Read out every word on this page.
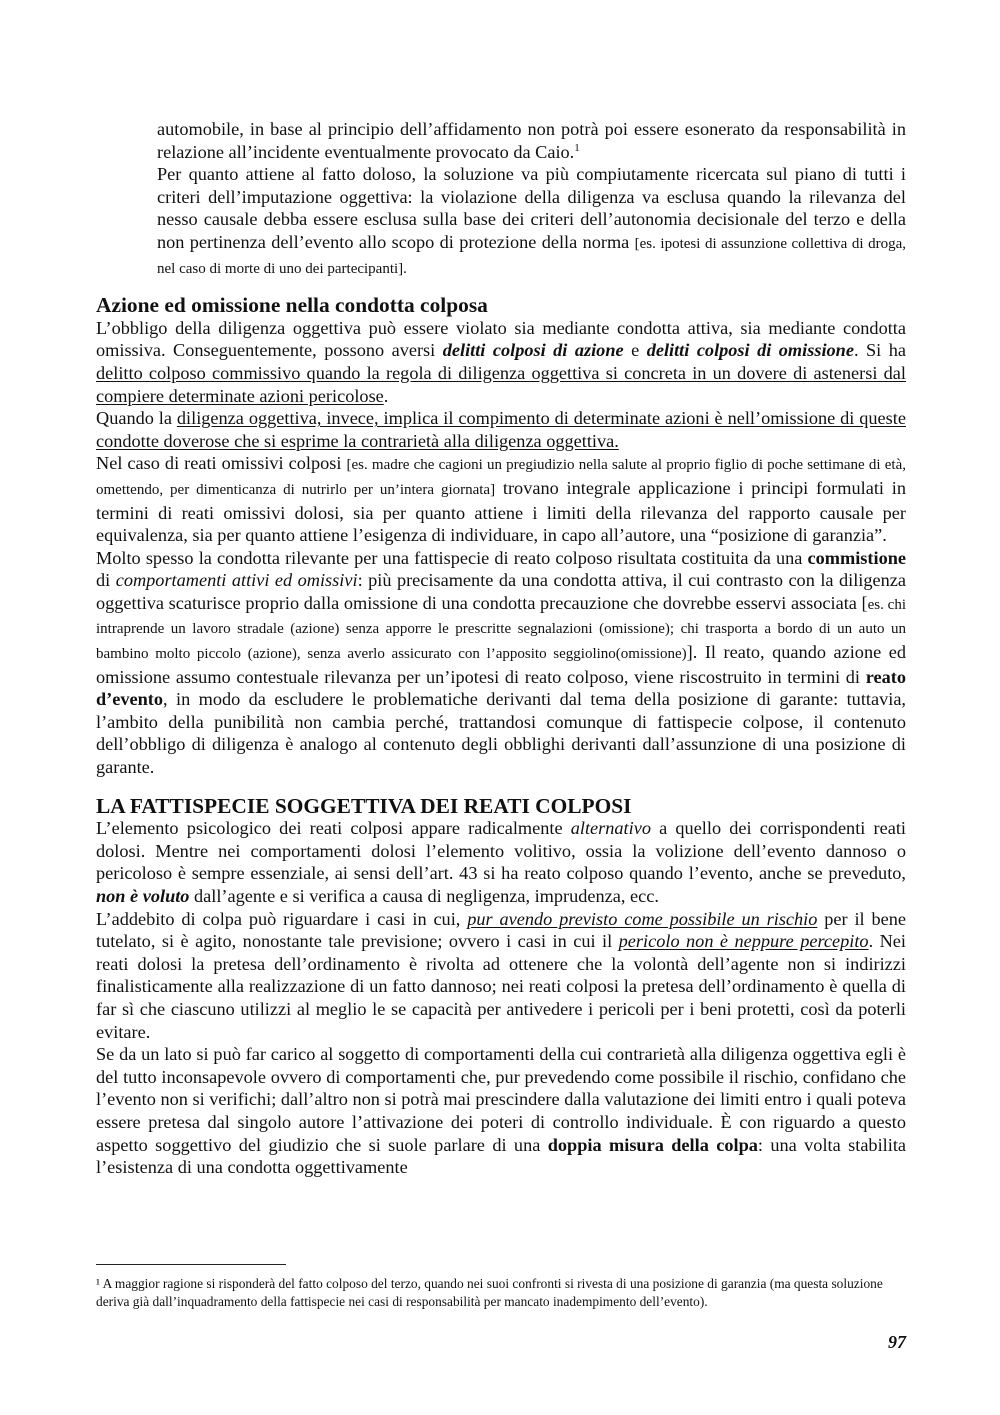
automobile, in base al principio dell’affidamento non potrà poi essere esonerato da responsabilità in relazione all’incidente eventualmente provocato da Caio.$^1$

Per quanto attiene al fatto doloso, la soluzione va più compiutamente ricercata sul piano di tutti i criteri dell’imputazione oggettiva: la violazione della diligenza va esclusa quando la rilevanza del nesso causale debba essere esclusa sulla base dei criteri dell’autonomia decisionale del terzo e della non pertinenza dell’evento allo scopo di protezione della norma [es. ipotesi di assunzione collettiva di droga, nel caso di morte di uno dei partecipanti].

Azione ed omissione nella condotta colposa

L’obbligo della diligenza oggettiva può essere violato sia mediante condotta attiva, sia mediante condotta omissiva. Conseguentemente, possono aversi delitti colposi di azione e delitti colposi di omissione. Si ha delitto colposo commissivo quando la regola di diligenza oggettiva si concreta in un dovere di astenersi dal compiere determinate azioni pericolose.

Quando la diligenza oggettiva, invece, implica il compimento di determinate azioni è nell’omissione di queste condotte doverose che si esprime la contrarietà alla diligenza oggettiva.

Nel caso di reati omissivi colposi [es. madre che cagioni un pregiudizio nella salute al proprio figlio di poche settimane di età, omettendo, per dimenticanza di nutrirlo per un’intera giornata] trovano integrale applicazione i principi formulati in termini di reati omissivi dolosi, sia per quanto attiene i limiti della rilevanza del rapporto causale per equivalenza, sia per quanto attiene l’esigenza di individuare, in capo all’autore, una “posizione di garanzia”.

Molto spesso la condotta rilevante per una fattispecie di reato colposo risultata costituita da una commistione di comportamenti attivi ed omissivi: più precisamente da una condotta attiva, il cui contrasto con la diligenza oggettiva scaturisce proprio dalla omissione di una condotta precauzione che dovrebbe esservi associata [es. chi intraprende un lavoro stradale (azione) senza apporre le prescritte segnalazioni (omissione); chi trasporta a bordo di un auto un bambino molto piccolo (azione), senza averlo assicurato con l’apposito seggiolino(omissione)]. Il reato, quando azione ed omissione assumo contestuale rilevanza per un’ipotesi di reato colposo, viene riscostruito in termini di reato d’evento, in modo da escludere le problematiche derivanti dal tema della posizione di garante: tuttavia, l’ambito della punibilità non cambia perché, trattandosi comunque di fattispecie colpose, il contenuto dell’obbligo di diligenza è analogo al contenuto degli obblighi derivanti dall’assunzione di una posizione di garante.

LA FATTISPECIE SOGGETTIVA DEI REATI COLPOSI

L’elemento psicologico dei reati colposi appare radicalmente alternativo a quello dei corrispondenti reati dolosi. Mentre nei comportamenti dolosi l’elemento volitivo, ossia la volizione dell’evento dannoso o pericoloso è sempre essenziale, ai sensi dell’art. 43 si ha reato colposo quando l’evento, anche se preveduto, non è voluto dall’agente e si verifica a causa di negligenza, imprudenza, ecc.

L’addebito di colpa può riguardare i casi in cui, pur avendo previsto come possibile un rischio per il bene tutelato, si è agito, nonostante tale previsione; ovvero i casi in cui il pericolo non è neppure percepito. Nei reati dolosi la pretesa dell’ordinamento è rivolta ad ottenere che la volontà dell’agente non si indirizzi finalisticamente alla realizzazione di un fatto dannoso; nei reati colposi la pretesa dell’ordinamento è quella di far sì che ciascuno utilizzi al meglio le se capacità per antivedere i pericoli per i beni protetti, così da poterli evitare.

Se da un lato si può far carico al soggetto di comportamenti della cui contrarietà alla diligenza oggettiva egli è del tutto inconsapevole ovvero di comportamenti che, pur prevedendo come possibile il rischio, confidano che l’evento non si verifichi; dall’altro non si potrà mai prescindere dalla valutazione dei limiti entro i quali poteva essere pretesa dal singolo autore l’attivazione dei poteri di controllo individuale. È con riguardo a questo aspetto soggettivo del giudizio che si suole parlare di una doppia misura della colpa: una volta stabilita l’esistenza di una condotta oggettivamente

¹ A maggior ragione si risponderà del fatto colposo del terzo, quando nei suoi confronti si rivesta di una posizione di garanzia (ma questa soluzione deriva già dall’inquadramento della fattispecie nei casi di responsabilità per mancato inadempimento dell’evento).

97
